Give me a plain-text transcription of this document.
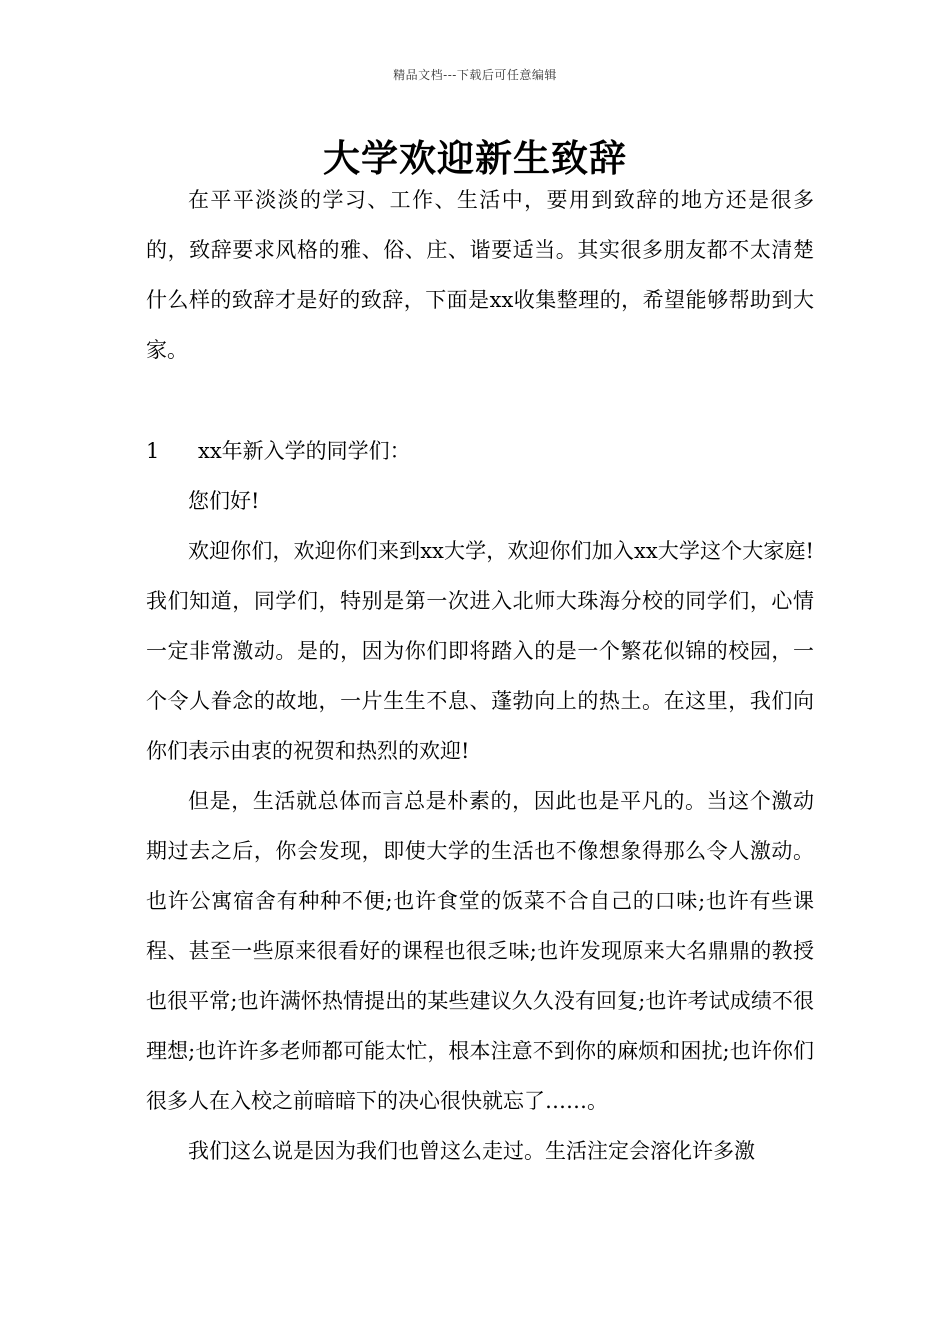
精品文档---下载后可任意编辑
大学欢迎新生致辞

在平平淡淡的学习、工作、生活中，要用到致辞的地方还是很多的，致辞要求风格的雅、俗、庄、谐要适当。其实很多朋友都不太清楚什么样的致辞才是好的致辞，下面是xx收集整理的，希望能够帮助到大家。

1 xx年新入学的同学们：

您们好!

欢迎你们，欢迎你们来到xx大学，欢迎你们加入xx大学这个大家庭!我们知道，同学们，特别是第一次进入北师大珠海分校的同学们，心情一定非常激动。是的，因为你们即将踏入的是一个繁花似锦的校园，一个令人眷念的故地，一片生生不息、蓬勃向上的热土。在这里，我们向你们表示由衷的祝贺和热烈的欢迎!

但是，生活就总体而言总是朴素的，因此也是平凡的。当这个激动期过去之后，你会发现，即使大学的生活也不像想象得那么令人激动。也许公寓宿舍有种种不便;也许食堂的饭菜不合自己的口味;也许有些课程、甚至一些原来很看好的课程也很乏味;也许发现原来大名鼎鼎的教授也很平常;也许满怀热情提出的某些建议久久没有回复;也许考试成绩不很理想;也许许多老师都可能太忙，根本注意不到你的麻烦和困扰;也许你们很多人在入校之前暗暗下的决心很快就忘了……。

我们这么说是因为我们也曾这么走过。生活注定会溶化许多激
